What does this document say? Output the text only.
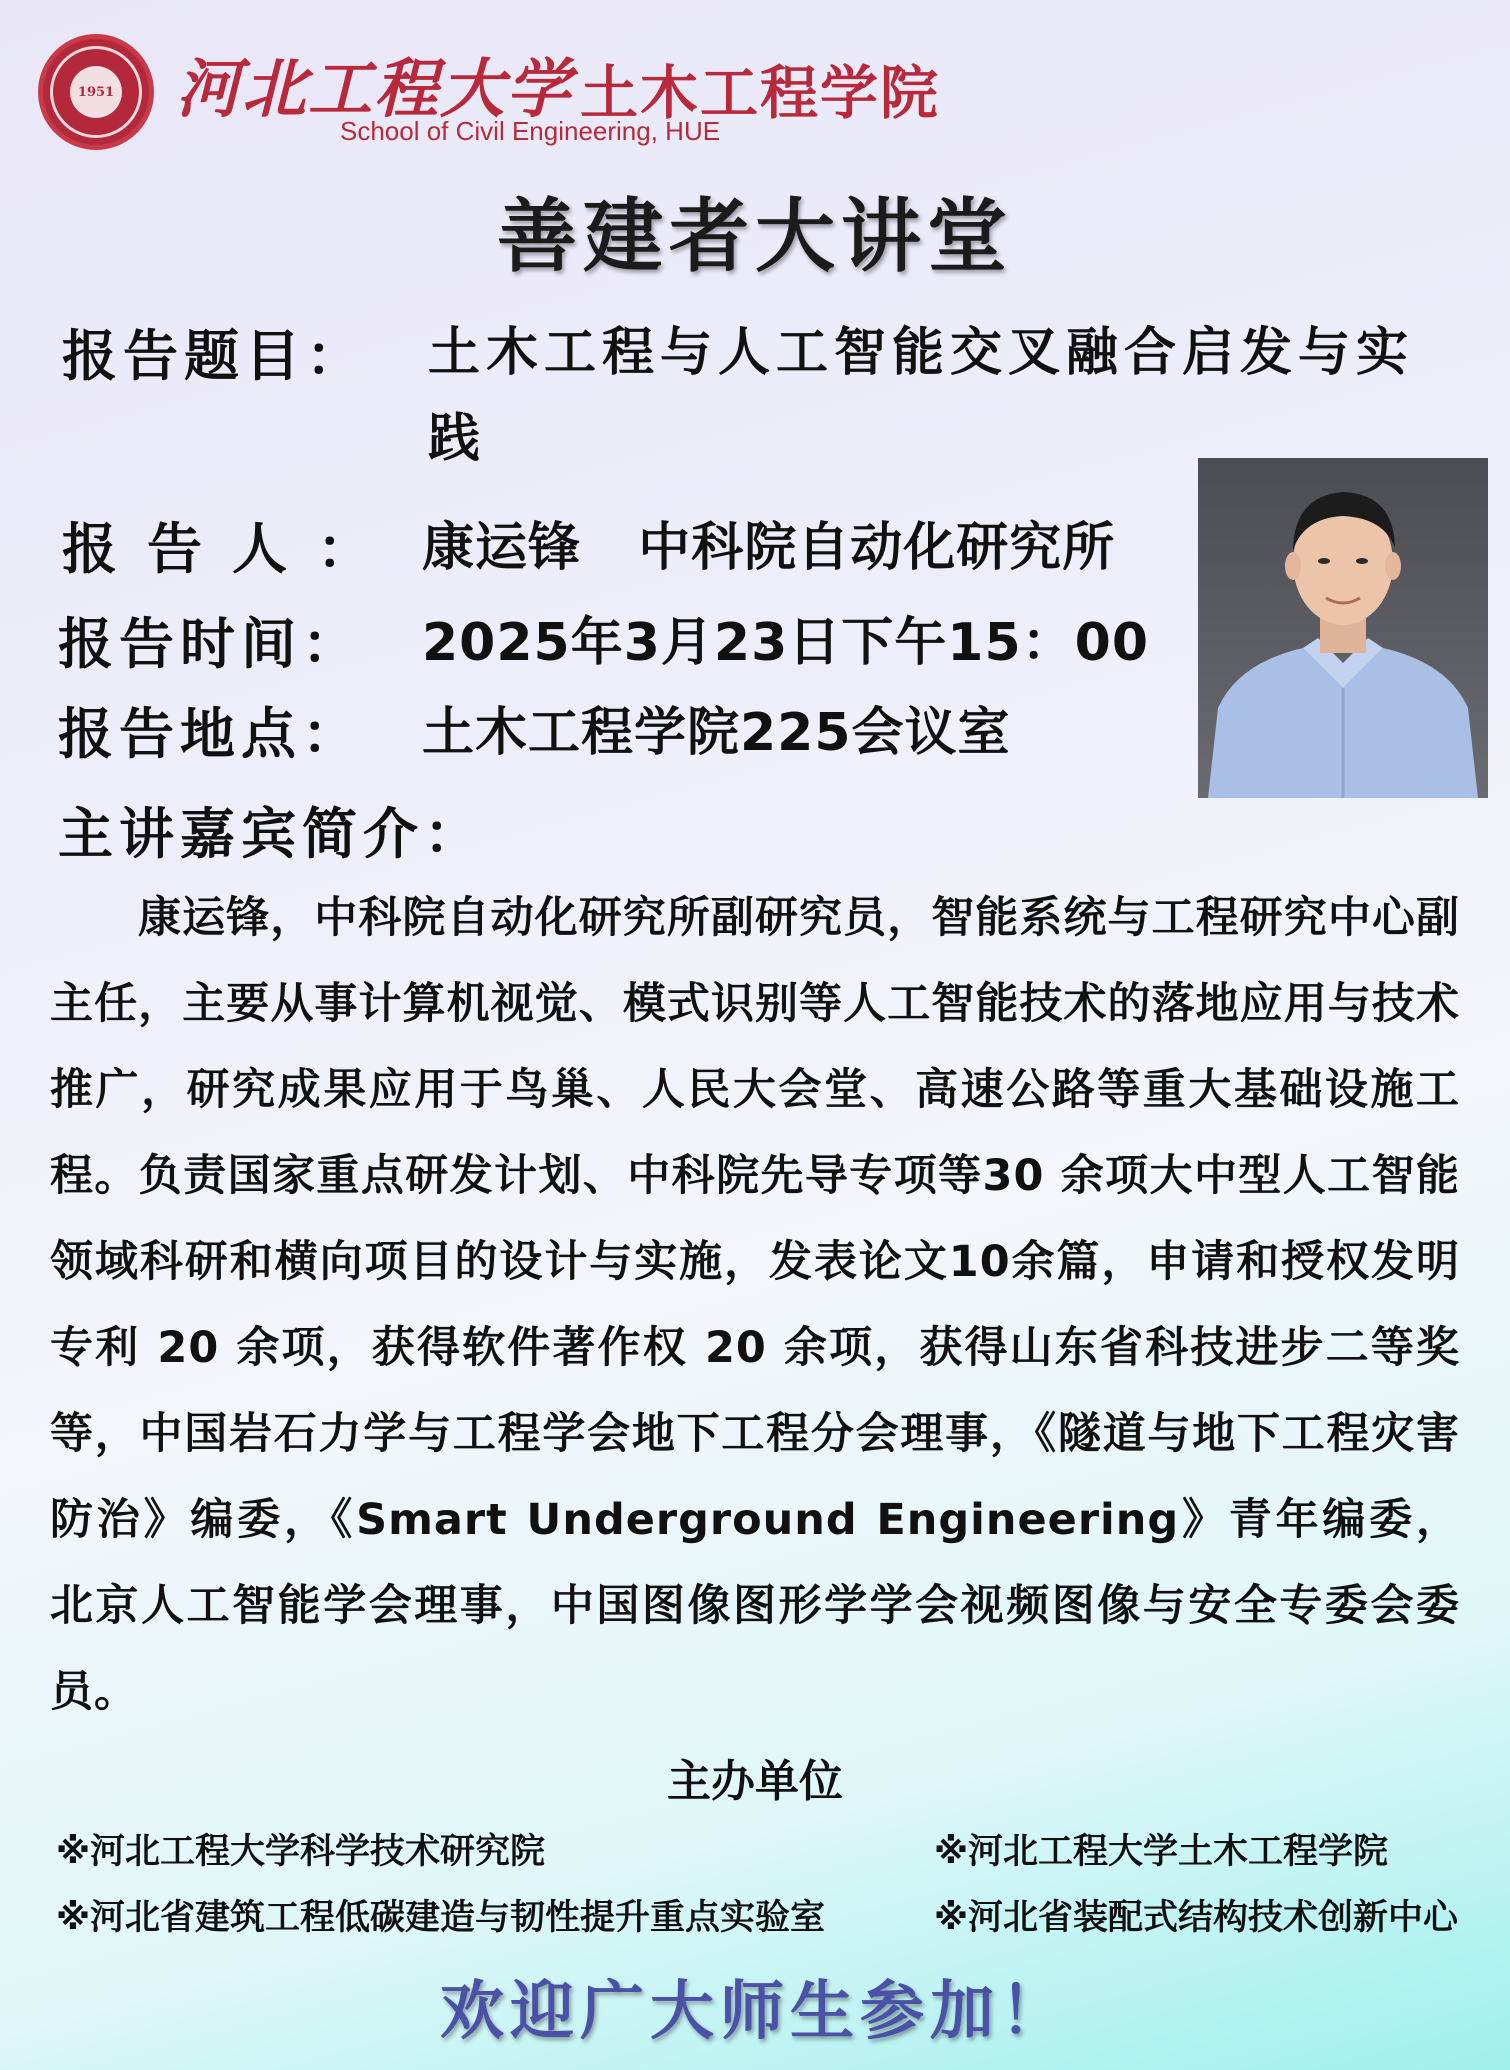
1951 河北工程大学 土木工程学院
School of Civil Engineering, HUE
善建者大讲堂
报告题目： 土木工程与人工智能交叉融合启发与实践
报告人： 康运锋   中科院自动化研究所
报告时间： 2025年3月23日下午15：00
报告地点： 土木工程学院225会议室
主讲嘉宾简介：
康运锋，中科院自动化研究所副研究员，智能系统与工程研究中心副主任，主要从事计算机视觉、模式识别等人工智能技术的落地应用与技术推广，研究成果应用于鸟巢、人民大会堂、高速公路等重大基础设施工程。负责国家重点研发计划、中科院先导专项等30 余项大中型人工智能领域科研和横向项目的设计与实施，发表论文10余篇，申请和授权发明专利 20 余项，获得软件著作权 20 余项，获得山东省科技进步二等奖等，中国岩石力学与工程学会地下工程分会理事，《隧道与地下工程灾害防治》编委，《Smart Underground Engineering》青年编委，北京人工智能学会理事，中国图像图形学学会视频图像与安全专委会委员。
主办单位
※河北工程大学科学技术研究院	※河北工程大学土木工程学院
※河北省建筑工程低碳建造与韧性提升重点实验室	※河北省装配式结构技术创新中心
欢迎广大师生参加！
